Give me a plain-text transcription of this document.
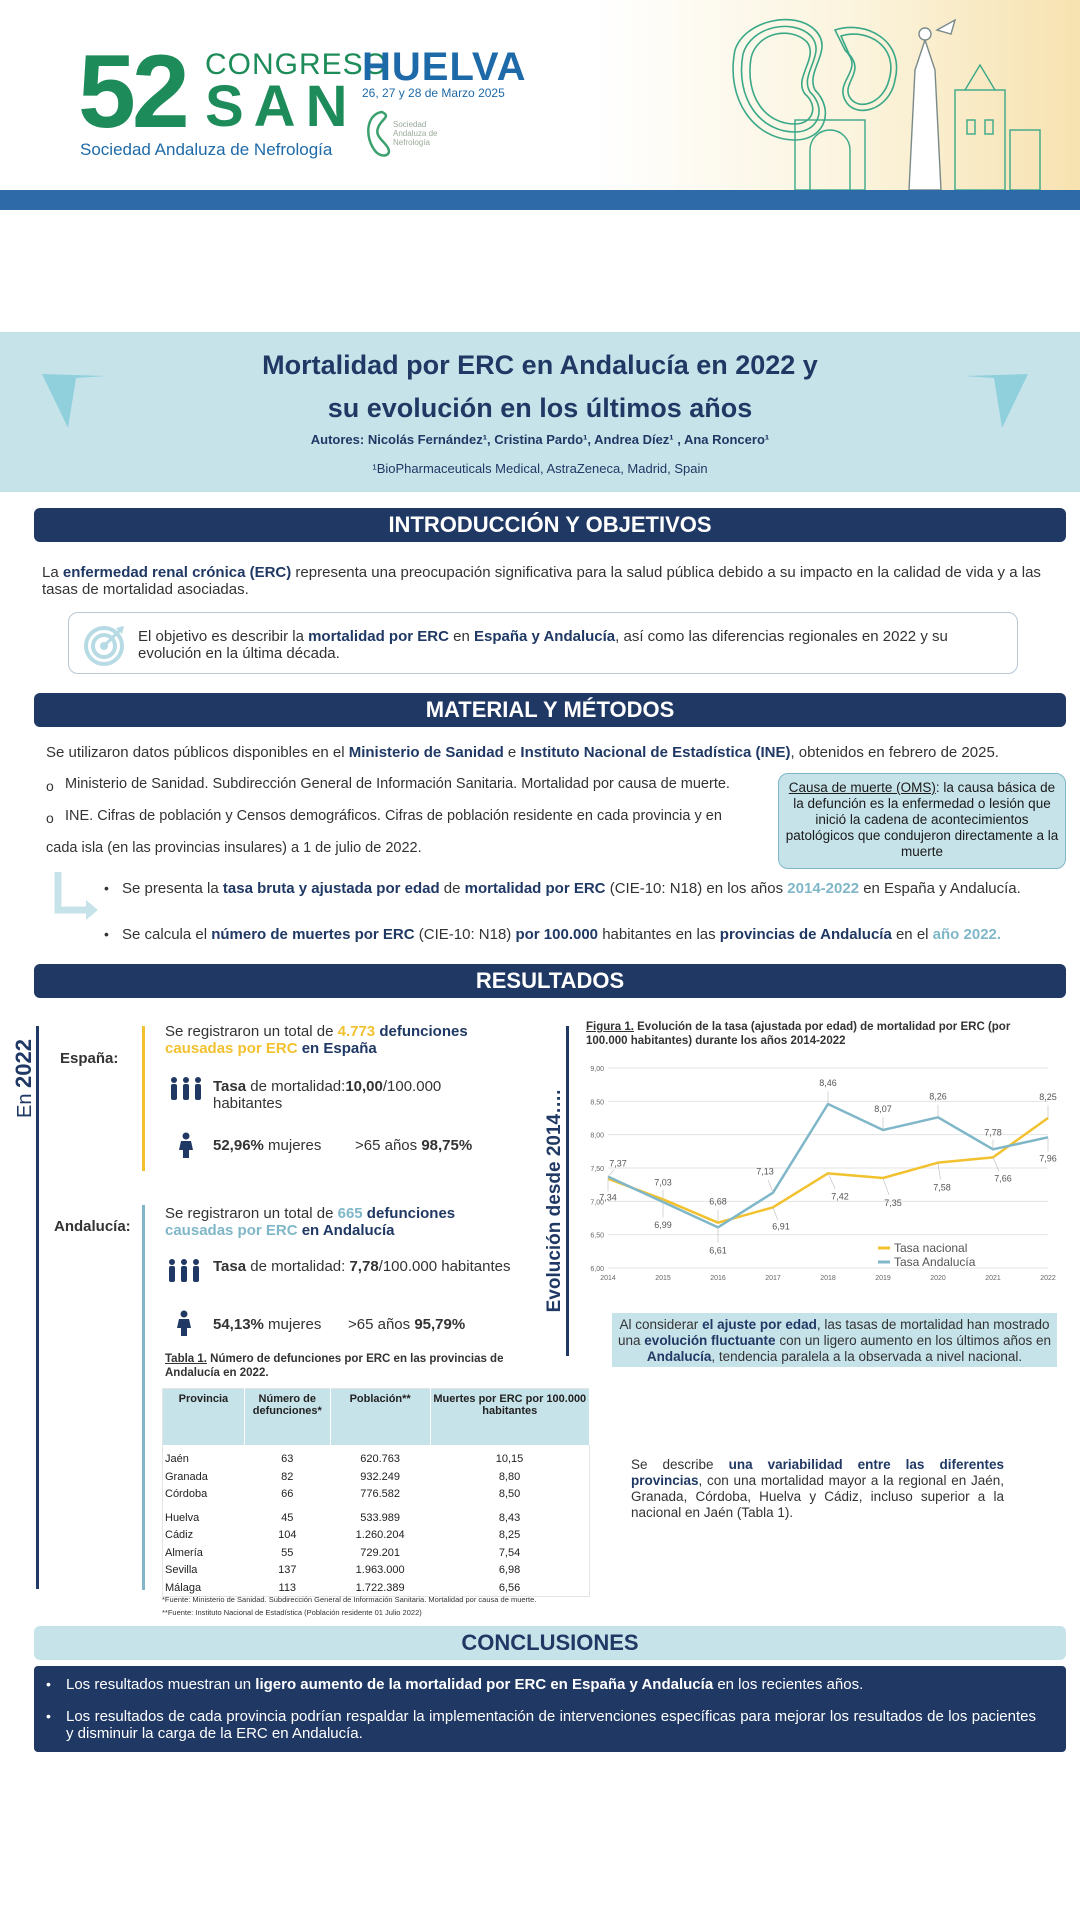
52 CONGRESO
SAN
Sociedad Andaluza de Nefrología
HUELVA
26, 27 y 28 de Marzo 2025
Sociedad Andaluza de Nefrología
Mortalidad por ERC en Andalucía en 2022 y
su evolución en los últimos años
Autores: Nicolás Fernández¹, Cristina Pardo¹, Andrea Díez¹ , Ana Roncero¹
¹BioPharmaceuticals Medical, AstraZeneca, Madrid, Spain
INTRODUCCIÓN Y OBJETIVOS
La enfermedad renal crónica (ERC) representa una preocupación significativa para la salud pública debido a su impacto en la calidad de vida y a las tasas de mortalidad asociadas.
El objetivo es describir la mortalidad por ERC en España y Andalucía, así como las diferencias regionales en 2022 y su evolución en la última década.
MATERIAL Y MÉTODOS
Se utilizaron datos públicos disponibles en el Ministerio de Sanidad e Instituto Nacional de Estadística (INE), obtenidos en febrero de 2025.
o Ministerio de Sanidad. Subdirección General de Información Sanitaria. Mortalidad por causa de muerte.
o INE. Cifras de población y Censos demográficos. Cifras de población residente en cada provincia y en
cada isla (en las provincias insulares) a 1 de julio de 2022.
Causa de muerte (OMS): la causa básica de la defunción es la enfermedad o lesión que inició la cadena de acontecimientos patológicos que condujeron directamente a la muerte
• Se presenta la tasa bruta y ajustada por edad de mortalidad por ERC (CIE-10: N18) en los años 2014-2022 en España y Andalucía.
• Se calcula el número de muertes por ERC (CIE-10: N18) por 100.000 habitantes en las provincias de Andalucía en el año 2022.
RESULTADOS
En 2022 España:
Se registraron un total de 4.773 defunciones
causadas por ERC en España
Tasa de mortalidad:10,00/100.000 habitantes
52,96% mujeres	>65 años 98,75%
Andalucía:
Se registraron un total de 665 defunciones
causadas por ERC en Andalucía
Tasa de mortalidad: 7,78/100.000 habitantes
54,13% mujeres	>65 años 95,79%
Evolución desde 2014….
Figura 1. Evolución de la tasa (ajustada por edad) de mortalidad por ERC (por 100.000 habitantes) durante los años 2014-2022
6,00
6,50
7,00
7,50
8,00
8,50
9,00
2014	2015	2016	2017	2018	2019	2020	2021	2022
7,34
7,03
6,68
6,91
7,42
7,35
7,58
7,66
8,25
7,37
6,99
6,61
7,13
8,46
8,07
8,26
7,78
7,96
Tasa nacional
Tasa Andalucía
Al considerar el ajuste por edad, las tasas de mortalidad han mostrado una evolución fluctuante con un ligero aumento en los últimos años en Andalucía, tendencia paralela a la observada a nivel nacional.
Tabla 1. Número de defunciones por ERC en las provincias de Andalucía en 2022.
Provincia	Número de defunciones*	Población**	Muertes por ERC por 100.000 habitantes

Jaén	63	620.763	10,15
Granada	82	932.249	8,80
Córdoba	66	776.582	8,50

Huelva	45	533.989	8,43
Cádiz	104	1.260.204	8,25
Almería	55	729.201	7,54
Sevilla	137	1.963.000	6,98
Málaga	113	1.722.389	6,56
*Fuente: Ministerio de Sanidad. Subdirección General de Información Sanitaria. Mortalidad por causa de muerte.
**Fuente: Instituto Nacional de Estadística (Población residente 01 Julio 2022)
Se describe una variabilidad entre las diferentes provincias, con una mortalidad mayor a la regional en Jaén, Granada, Córdoba, Huelva y Cádiz, incluso superior a la nacional en Jaén (Tabla 1).
CONCLUSIONES
• Los resultados muestran un ligero aumento de la mortalidad por ERC en España y Andalucía en los recientes años.
• Los resultados de cada provincia podrían respaldar la implementación de intervenciones específicas para mejorar los resultados de los pacientes y disminuir la carga de la ERC en Andalucía.
